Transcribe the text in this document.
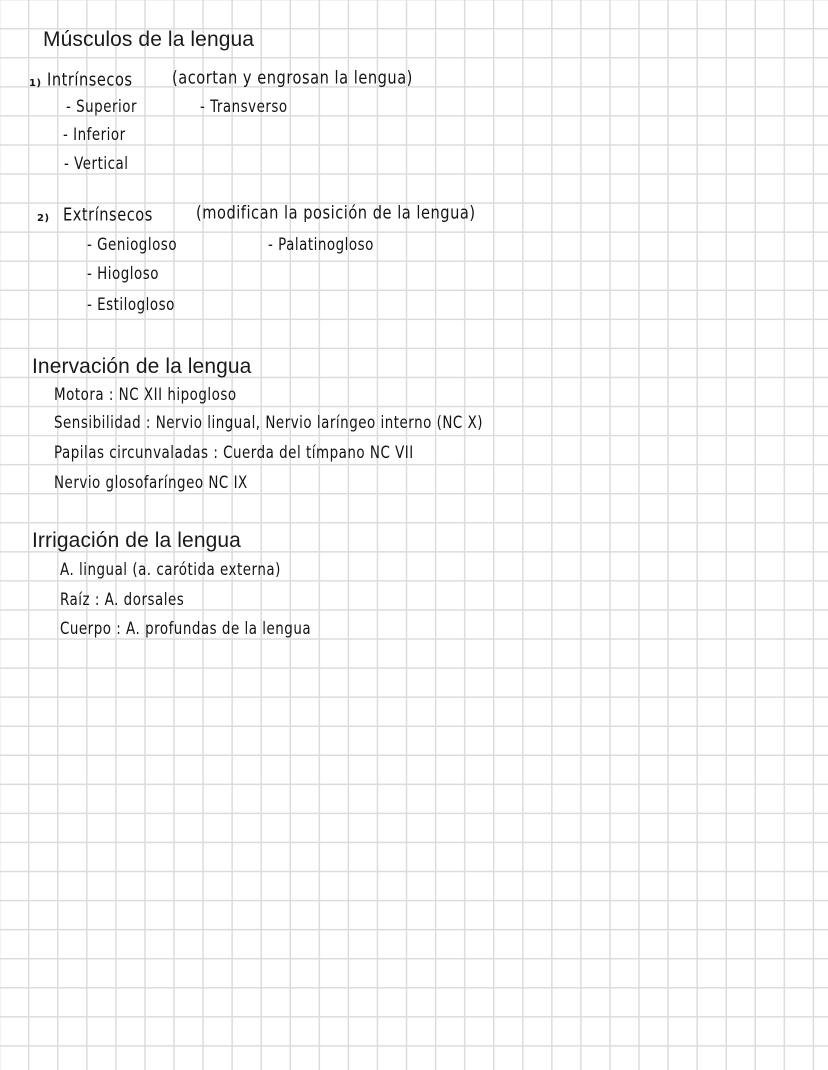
Músculos de la lengua
1) Intrínsecos (acortan y engrosan la lengua)
- Superior
- Inferior
- Vertical
- Transverso
2) Extrínsecos	(modifican la posición de la lengua)
- Geniogloso
- Hiogloso
- Estilogloso
- Palatinogloso
Inervación de la lengua
Motora : NC XII hipogloso
Sensibilidad : Nervio lingual, Nervio laríngeo interno (NC X)
Papilas circunvaladas : Cuerda del tímpano NC VII
Nervio glosofaríngeo NC IX
Irrigación de la lengua
A. lingual (a. carótida externa)
Raíz : A. dorsales
Cuerpo : A. profundas de la lengua
